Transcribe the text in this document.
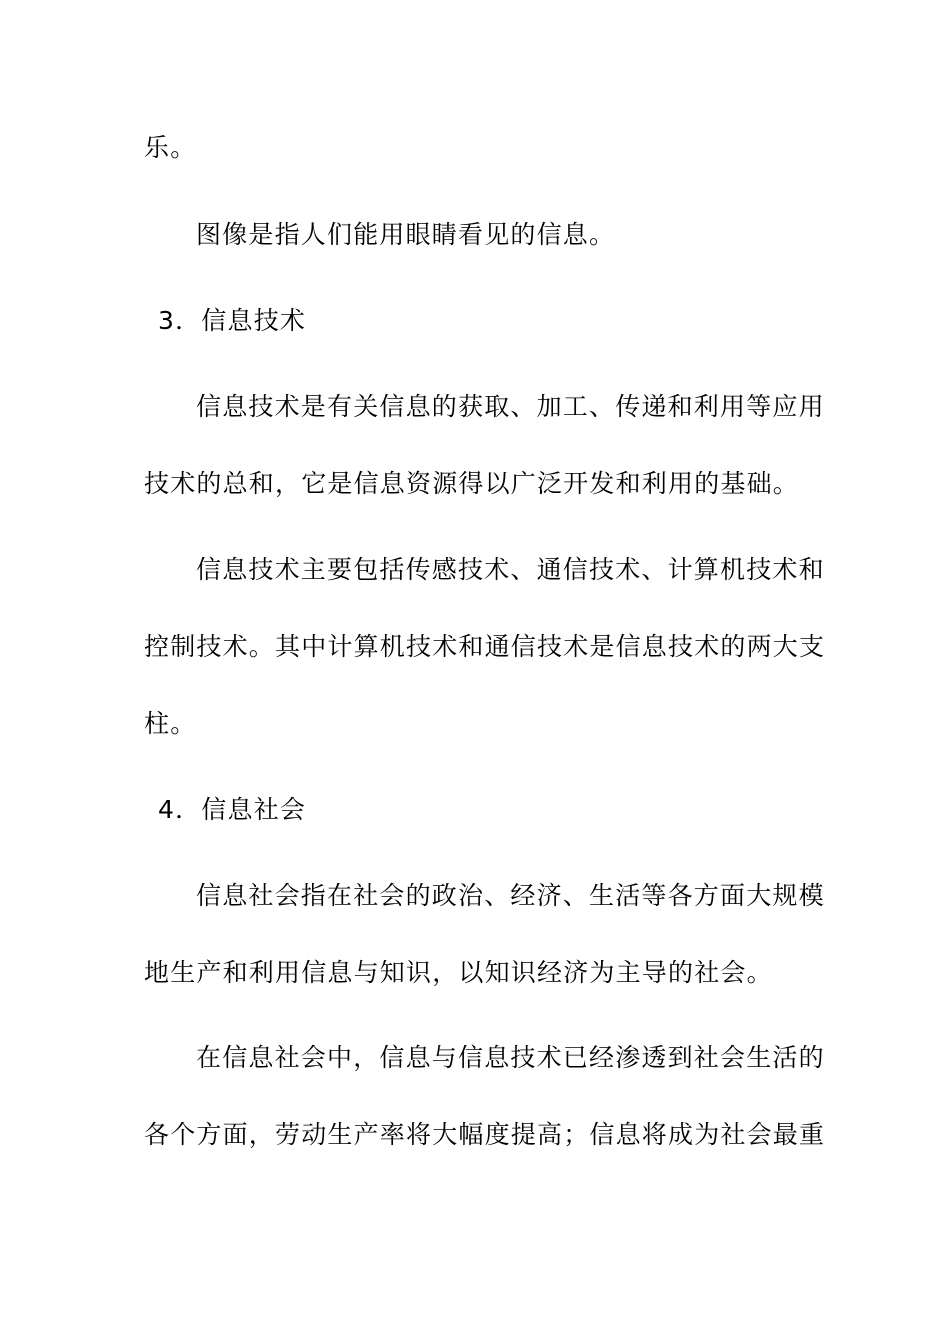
乐。
图像是指人们能用眼睛看见的信息。
3．信息技术
信息技术是有关信息的获取、加工、传递和利用等应用
技术的总和，它是信息资源得以广泛开发和利用的基础。
信息技术主要包括传感技术、通信技术、计算机技术和
控制技术。其中计算机技术和通信技术是信息技术的两大支
柱。
4．信息社会
信息社会指在社会的政治、经济、生活等各方面大规模
地生产和利用信息与知识，以知识经济为主导的社会。
在信息社会中，信息与信息技术已经渗透到社会生活的
各个方面，劳动生产率将大幅度提高；信息将成为社会最重
